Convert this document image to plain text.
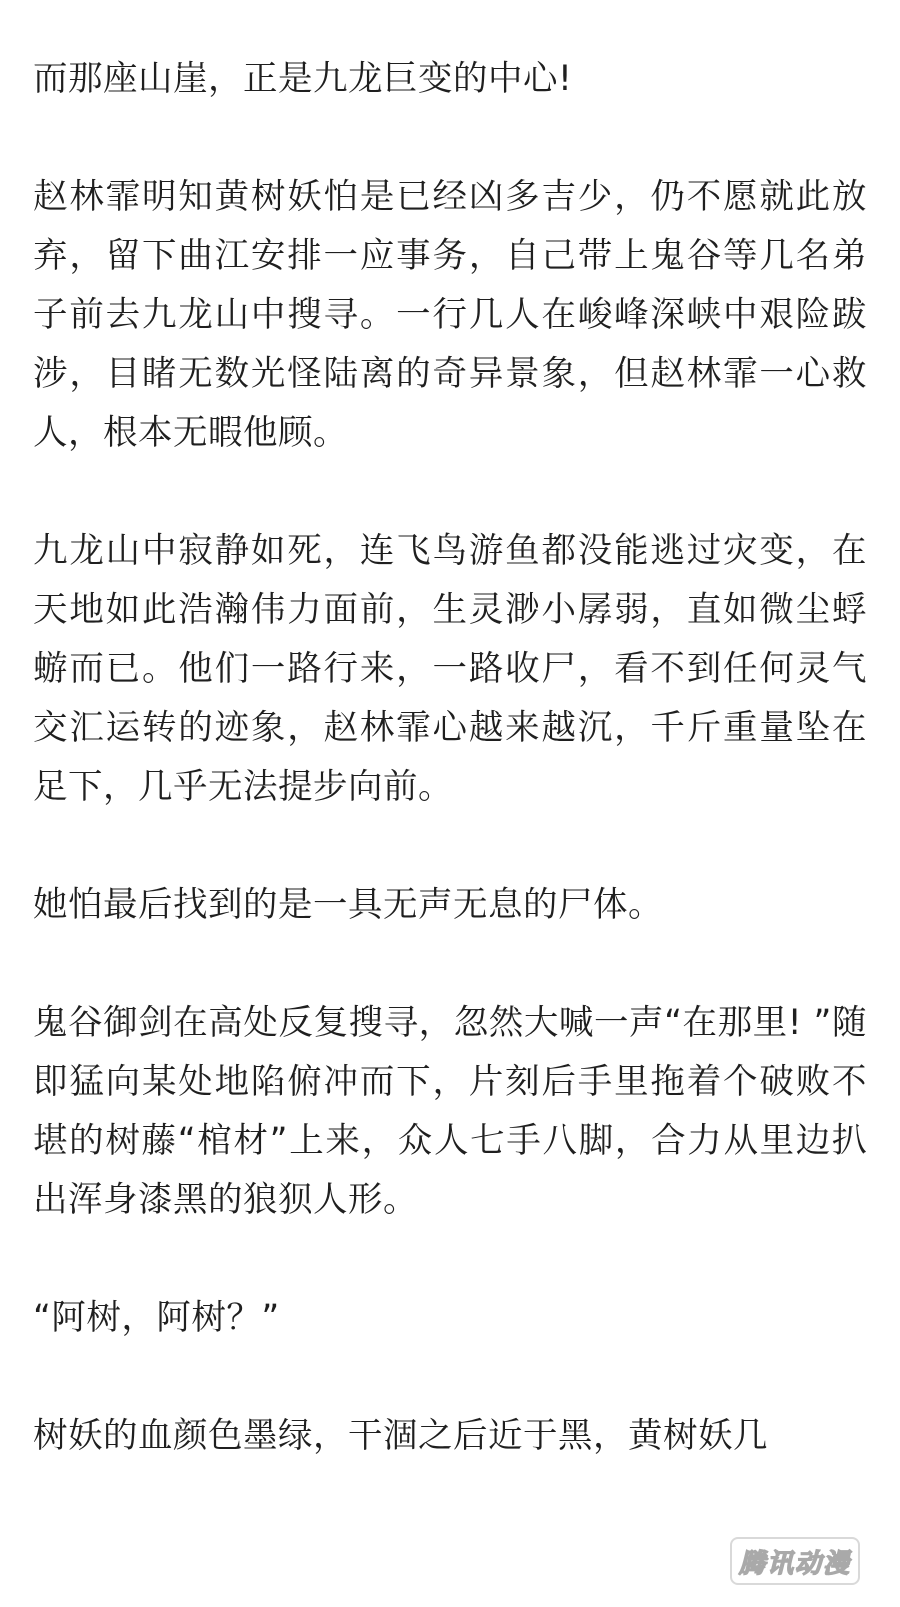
而那座山崖，正是九龙巨变的中心!

赵林霏明知黄树妖怕是已经凶多吉少，仍不愿就此放弃，留下曲江安排一应事务，自己带上鬼谷等几名弟子前去九龙山中搜寻。一行几人在峻峰深峡中艰险跋涉，目睹无数光怪陆离的奇异景象，但赵林霏一心救人，根本无暇他顾。

九龙山中寂静如死，连飞鸟游鱼都没能逃过灾变，在天地如此浩瀚伟力面前，生灵渺小孱弱，直如微尘蜉蝣而已。他们一路行来，一路收尸，看不到任何灵气交汇运转的迹象，赵林霏心越来越沉，千斤重量坠在足下，几乎无法提步向前。

她怕最后找到的是一具无声无息的尸体。

鬼谷御剑在高处反复搜寻，忽然大喊一声“在那里! ”随即猛向某处地陷俯冲而下，片刻后手里拖着个破败不堪的树藤“棺材”上来，众人七手八脚，合力从里边扒出浑身漆黑的狼狈人形。

“阿树，阿树？”

树妖的血颜色墨绿，干涸之后近于黑，黄树妖几

腾讯动漫
